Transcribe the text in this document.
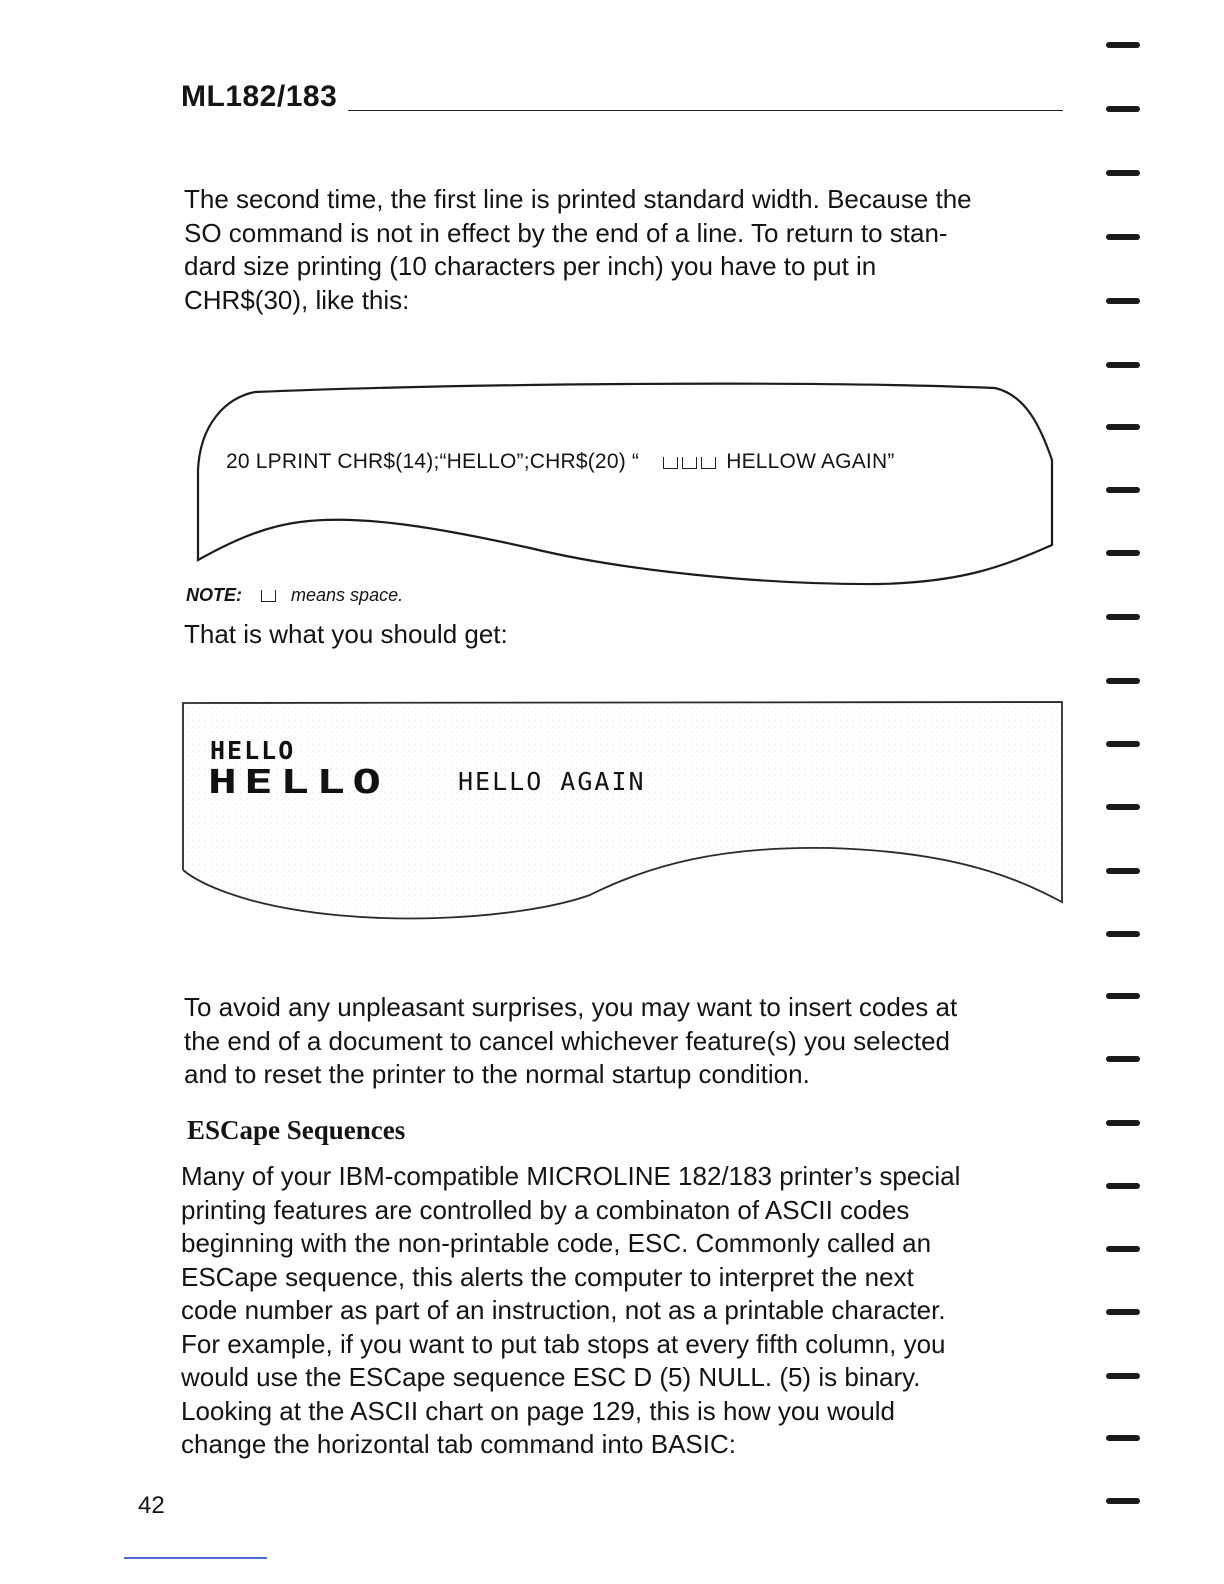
ML182/183

The second time, the first line is printed standard width. Because the
SO command is not in effect by the end of a line. To return to stan-
dard size printing (10 characters per inch) you have to put in
CHR$(30), like this:

20 LPRINT CHR$(14);“HELLO”;CHR$(20) “	HELLOW AGAIN”
NOTE:	means space.
That is what you should get:
HELLO
HELLO	HELLO AGAIN

To avoid any unpleasant surprises, you may want to insert codes at
the end of a document to cancel whichever feature(s) you selected
and to reset the printer to the normal startup condition.

ESCape Sequences

Many of your IBM-compatible MICROLINE 182/183 printer’s special
printing features are controlled by a combinaton of ASCII codes
beginning with the non-printable code, ESC. Commonly called an
ESCape sequence, this alerts the computer to interpret the next
code number as part of an instruction, not as a printable character.
For example, if you want to put tab stops at every fifth column, you
would use the ESCape sequence ESC D (5) NULL. (5) is binary.
Looking at the ASCII chart on page 129, this is how you would
change the horizontal tab command into BASIC:

42
